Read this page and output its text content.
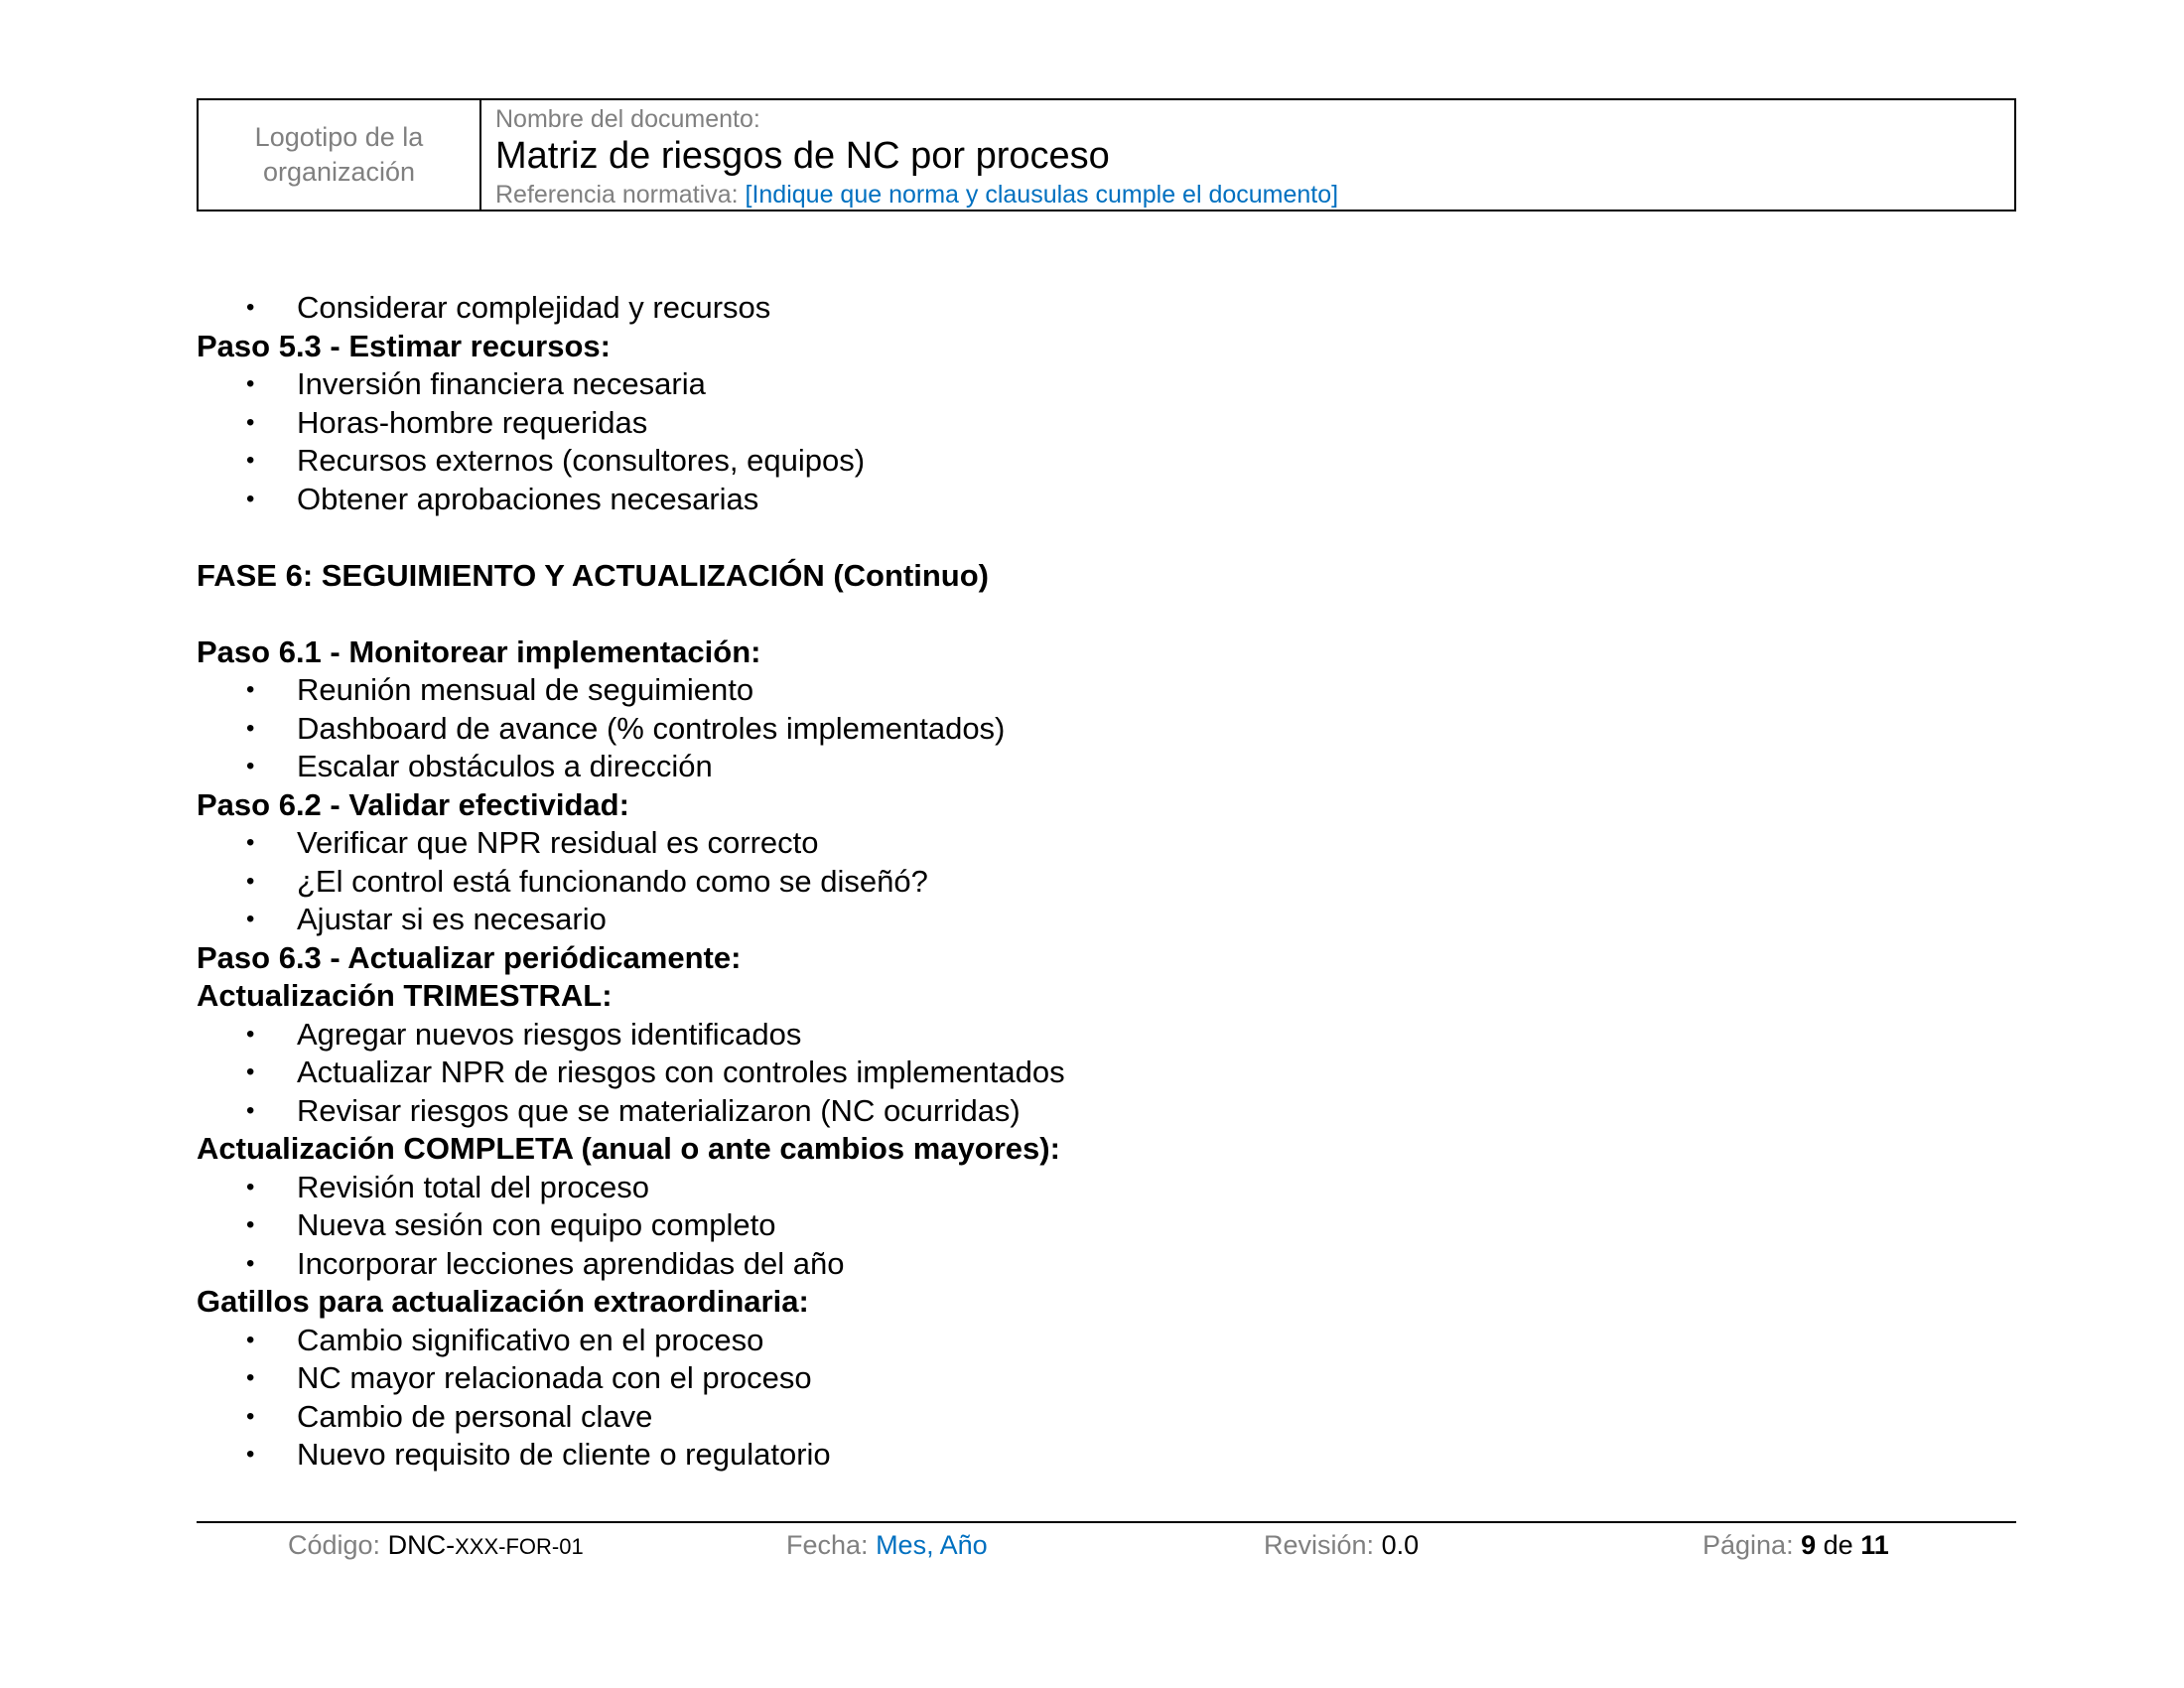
Logotipo de la
organización
Nombre del documento:
Matriz de riesgos de NC por proceso
Referencia normativa: [Indique que norma y clausulas cumple el documento]
• Considerar complejidad y recursos
Paso 5.3 - Estimar recursos:
• Inversión financiera necesaria
• Horas-hombre requeridas
• Recursos externos (consultores, equipos)
• Obtener aprobaciones necesarias
FASE 6: SEGUIMIENTO Y ACTUALIZACIÓN (Continuo)
Paso 6.1 - Monitorear implementación:
• Reunión mensual de seguimiento
• Dashboard de avance (% controles implementados)
• Escalar obstáculos a dirección
Paso 6.2 - Validar efectividad:
• Verificar que NPR residual es correcto
• ¿El control está funcionando como se diseñó?
• Ajustar si es necesario
Paso 6.3 - Actualizar periódicamente:
Actualización TRIMESTRAL:
• Agregar nuevos riesgos identificados
• Actualizar NPR de riesgos con controles implementados
• Revisar riesgos que se materializaron (NC ocurridas)
Actualización COMPLETA (anual o ante cambios mayores):
• Revisión total del proceso
• Nueva sesión con equipo completo
• Incorporar lecciones aprendidas del año
Gatillos para actualización extraordinaria:
• Cambio significativo en el proceso
• NC mayor relacionada con el proceso
• Cambio de personal clave
• Nuevo requisito de cliente o regulatorio
Código: DNC-XXX-FOR-01	Fecha: Mes, Año	Revisión: 0.0	Página: 9 de 11
